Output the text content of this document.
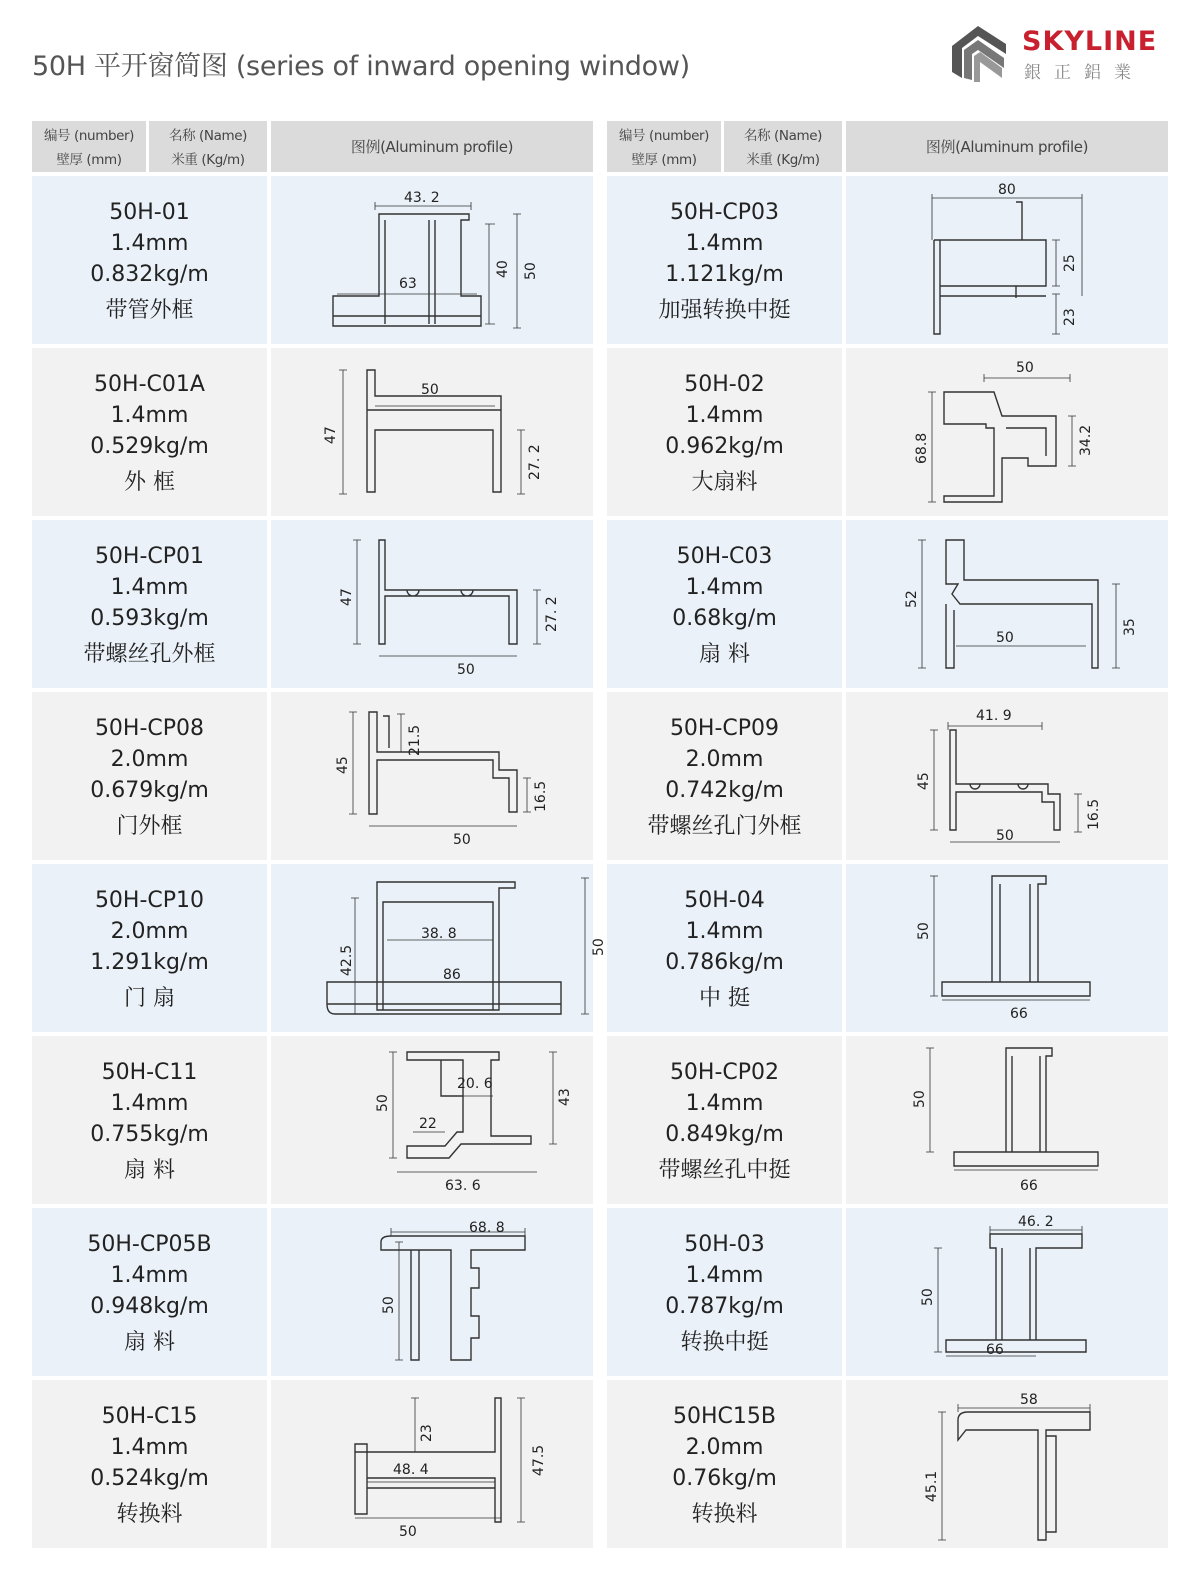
50H 平开窗简图 (series of inward opening window)
SKYLINE
銀正鋁業
编号 (number)
壁厚 (mm)
名称 (Name)
米重 (Kg/m)
图例(Aluminum profile)
50H-01
1.4mm
0.832kg/m
带管外框
43. 2
63
40 50
50H-C01A
1.4mm
0.529kg/m
外 框
50
47
27. 2
50H-CP01
1.4mm
0.593kg/m
带螺丝孔外框
47	27. 2
50
50H-CP08
2.0mm
0.679kg/m
门外框
45
21.5
16.5
50
50H-CP10
2.0mm
1.291kg/m
门 扇
38. 8
86
42.5	50
50H-C11
1.4mm
0.755kg/m
扇 料
20. 6
22
50	43
63. 6
50H-CP05B
1.4mm
0.948kg/m
扇 料
68. 8
50
50H-C15
1.4mm
0.524kg/m
转换料
23
48. 4	47.5
50
编号 (number)
壁厚 (mm)
名称 (Name)
米重 (Kg/m)
图例(Aluminum profile)
50H-CP03
1.4mm
1.121kg/m
加强转换中挺
80
25
23
50H-02
1.4mm
0.962kg/m
大扇料
50
68.8	34.2
50H-C03
1.4mm
0.68kg/m
扇 料
52
50
35
50H-CP09
2.0mm
0.742kg/m
带螺丝孔门外框
41. 9
45
16.5
50
50H-04
1.4mm
0.786kg/m
中 挺
50
66
50H-CP02
1.4mm
0.849kg/m
带螺丝孔中挺
50
66
50H-03
1.4mm
0.787kg/m
转换中挺
46. 2
50
66
50HC15B
2.0mm
0.76kg/m
转换料
58
45.1
